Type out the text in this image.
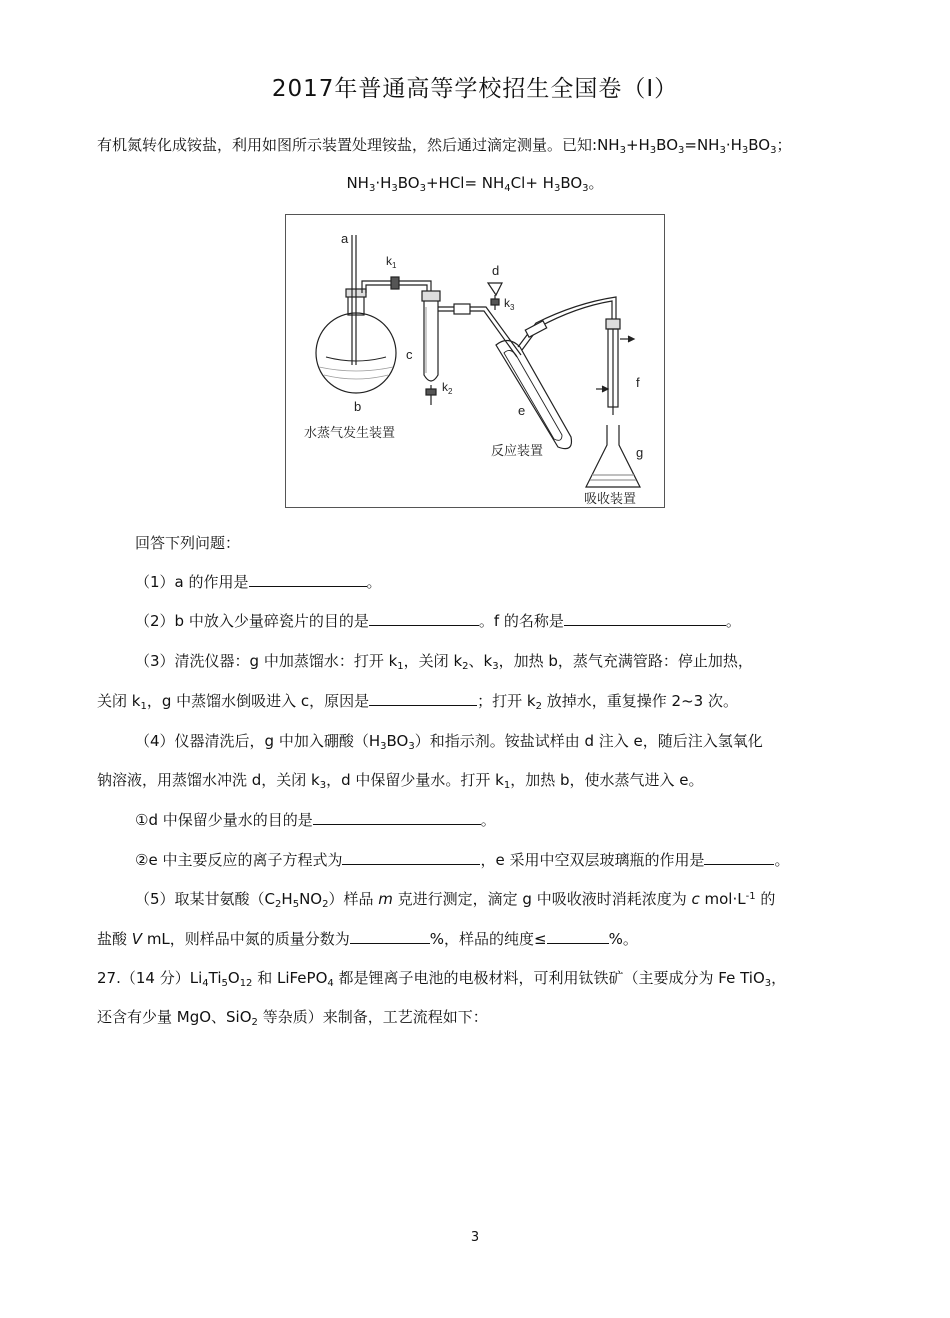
2017年普通高等学校招生全国卷（Ⅰ）
有机氮转化成铵盐，利用如图所示装置处理铵盐，然后通过滴定测量。已知$:NH_3+H_3BO_3=NH_3\cdot H_3BO_3$；
$NH_3\cdot H_3BO_3+HCl= NH_4Cl+ H_3BO_3$。
a
b
$k_1$
c
$k_2$
d
$k_3$
e
f
g
水蒸气发生装置
反应装置
吸收装置
回答下列问题：
（1）a 的作用是	。
（2）b 中放入少量碎瓷片的目的是	。f 的名称是	。
（3）清洗仪器：g 中加蒸馏水：打开 $k_1$，关闭 $k_2$、$k_3$，加热 b，蒸气充满管路：停止加热，
关闭 $k_1$，g 中蒸馏水倒吸进入 c，原因是	；打开 $k_2$ 放掉水，重复操作 2~3 次。
（4）仪器清洗后，g 中加入硼酸$(H_3BO_3)$和指示剂。铵盐试样由 d 注入 e，随后注入氢氧化
钠溶液，用蒸馏水冲洗 d，关闭 $k_3$，d 中保留少量水。打开 $k_1$，加热 b，使水蒸气进入 e。
①d 中保留少量水的目的是	。
②e 中主要反应的离子方程式为	，e 采用中空双层玻璃瓶的作用是	。
（5）取某甘氨酸$(C_2H_5NO_2)$样品 m 克进行测定，滴定 g 中吸收液时消耗浓度为 c $mol\cdot L^{-1}$ 的
盐酸 V mL，则样品中氮的质量分数为	%，样品的纯度≤	%。
27.（14 分）$Li_4Ti_5O_{12}$ 和 LiFePO$_4$ 都是锂离子电池的电极材料，可利用钛铁矿（主要成分为 Fe TiO$_3$，
还含有少量 MgO、SiO$_2$ 等杂质）来制备，工艺流程如下：
3
